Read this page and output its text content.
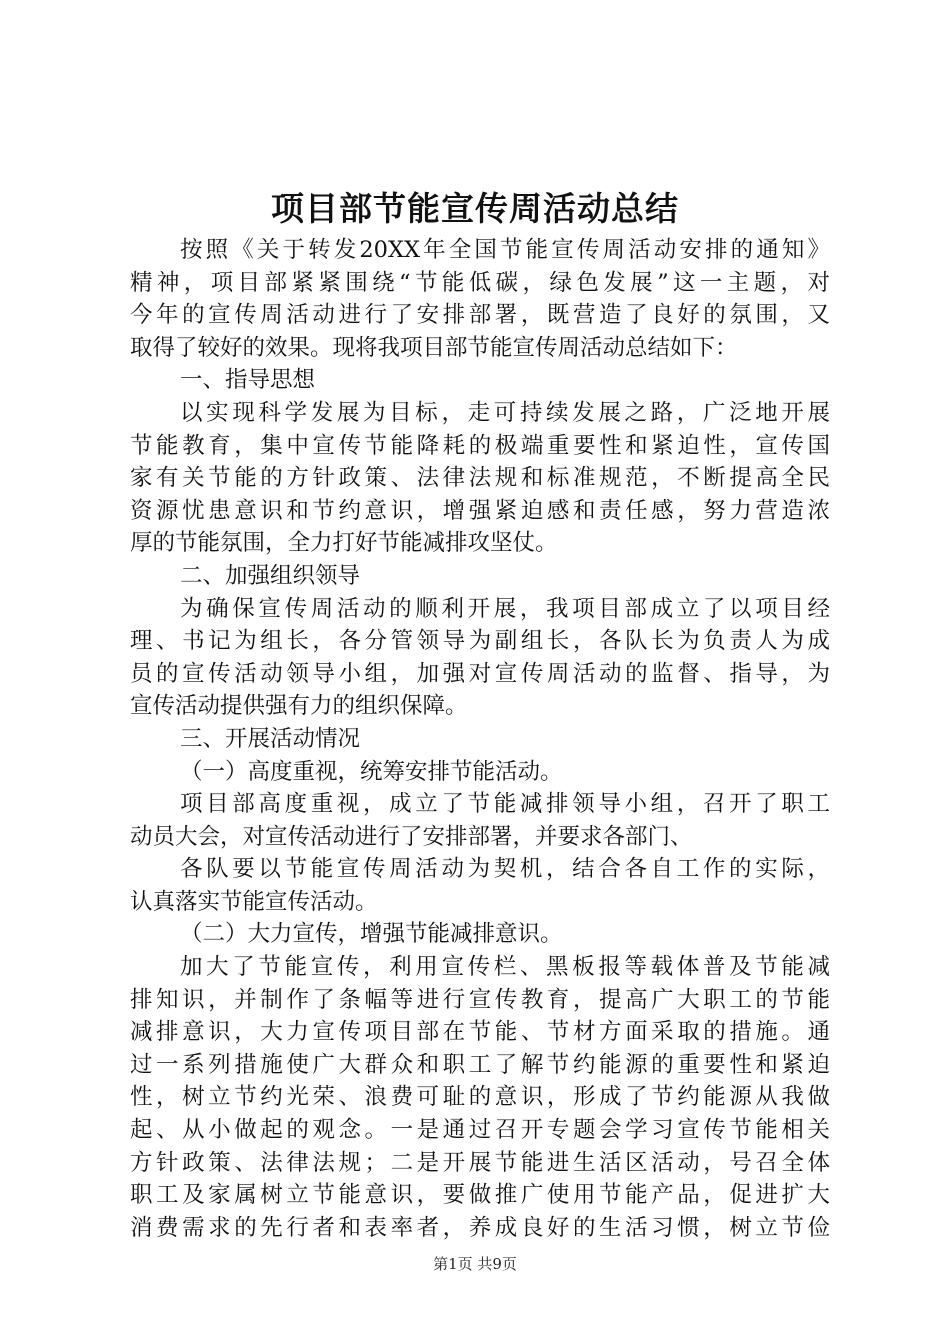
项目部节能宣传周活动总结
按照《关于转发20XX年全国节能宣传周活动安排的通知》
精神，项目部紧紧围绕“节能低碳，绿色发展”这一主题，对
今年的宣传周活动进行了安排部署，既营造了良好的氛围，又
取得了较好的效果。现将我项目部节能宣传周活动总结如下：
一、指导思想
以实现科学发展为目标，走可持续发展之路，广泛地开展
节能教育，集中宣传节能降耗的极端重要性和紧迫性，宣传国
家有关节能的方针政策、法律法规和标准规范，不断提高全民
资源忧患意识和节约意识，增强紧迫感和责任感，努力营造浓
厚的节能氛围，全力打好节能减排攻坚仗。
二、加强组织领导
为确保宣传周活动的顺利开展，我项目部成立了以项目经
理、书记为组长，各分管领导为副组长，各队长为负责人为成
员的宣传活动领导小组，加强对宣传周活动的监督、指导，为
宣传活动提供强有力的组织保障。
三、开展活动情况
（一）高度重视，统筹安排节能活动。
项目部高度重视，成立了节能减排领导小组，召开了职工
动员大会，对宣传活动进行了安排部署，并要求各部门、
各队要以节能宣传周活动为契机，结合各自工作的实际，
认真落实节能宣传活动。
（二）大力宣传，增强节能减排意识。
加大了节能宣传，利用宣传栏、黑板报等载体普及节能减
排知识，并制作了条幅等进行宣传教育，提高广大职工的节能
减排意识，大力宣传项目部在节能、节材方面采取的措施。通
过一系列措施使广大群众和职工了解节约能源的重要性和紧迫
性，树立节约光荣、浪费可耻的意识，形成了节约能源从我做
起、从小做起的观念。一是通过召开专题会学习宣传节能相关
方针政策、法律法规；二是开展节能进生活区活动，号召全体
职工及家属树立节能意识，要做推广使用节能产品，促进扩大
消费需求的先行者和表率者，养成良好的生活习惯，树立节俭
第1页 共9页
